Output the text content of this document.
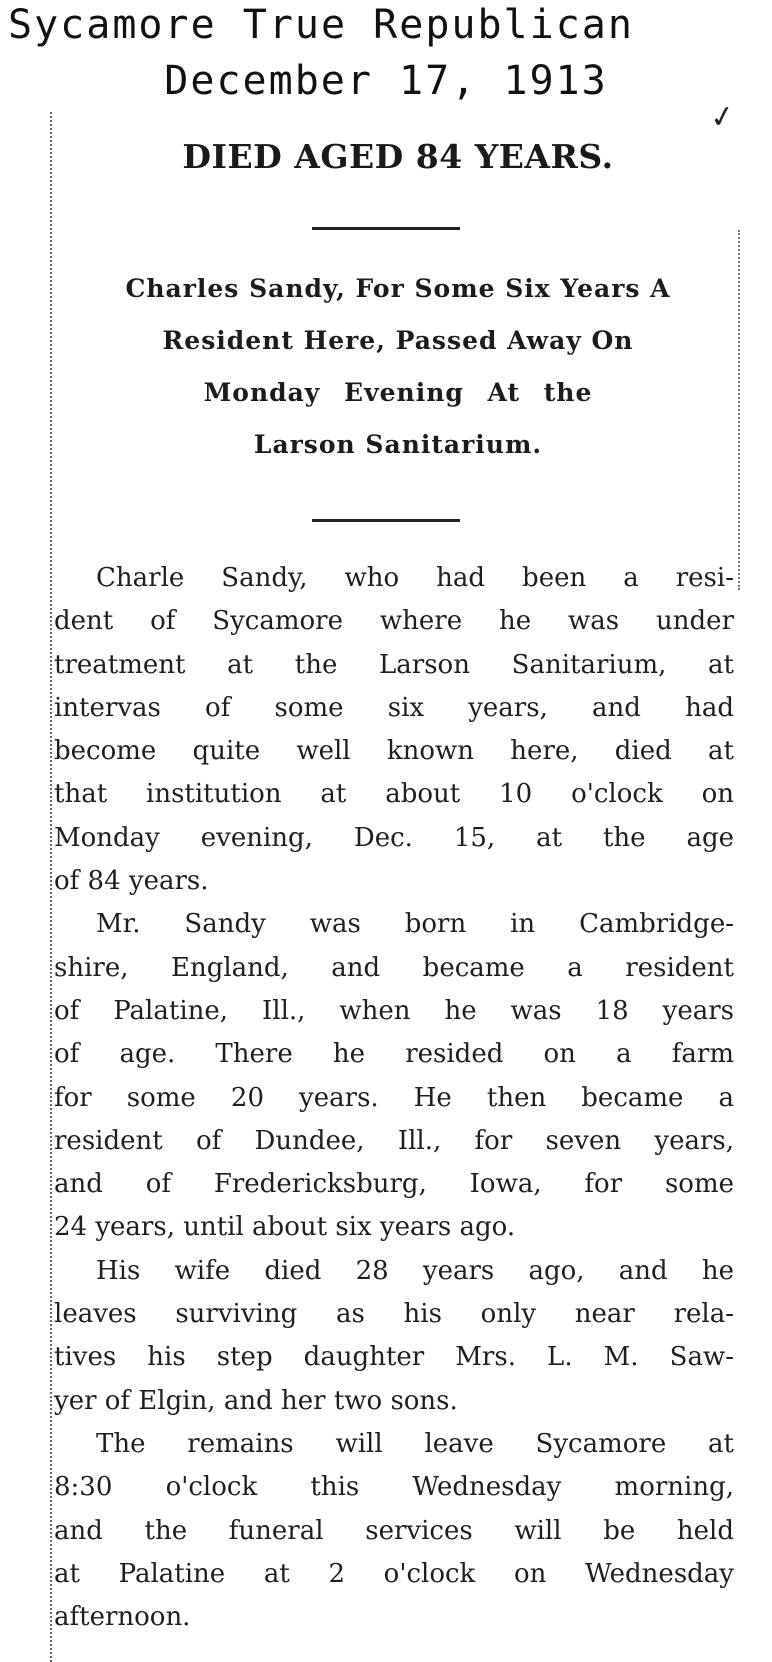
Sycamore True Republican
December 17, 1913
✓
DIED AGED 84 YEARS.
Charles Sandy, For Some Six Years A
Resident Here, Passed Away On
Monday Evening At the
Larson Sanitarium.
Charle Sandy, who had been a resi-
dent of Sycamore where he was under
treatment at the Larson Sanitarium, at
intervas of some six years, and had
become quite well known here, died at
that institution at about 10 o'clock on
Monday evening, Dec. 15, at the age
of 84 years.
Mr. Sandy was born in Cambridge-
shire, England, and became a resident
of Palatine, Ill., when he was 18 years
of age. There he resided on a farm
for some 20 years. He then became a
resident of Dundee, Ill., for seven years,
and of Fredericksburg, Iowa, for some
24 years, until about six years ago.
His wife died 28 years ago, and he
leaves surviving as his only near rela-
tives his step daughter Mrs. L. M. Saw-
yer of Elgin, and her two sons.
The remains will leave Sycamore at
8:30 o'clock this Wednesday morning,
and the funeral services will be held
at Palatine at 2 o'clock on Wednesday
afternoon.
